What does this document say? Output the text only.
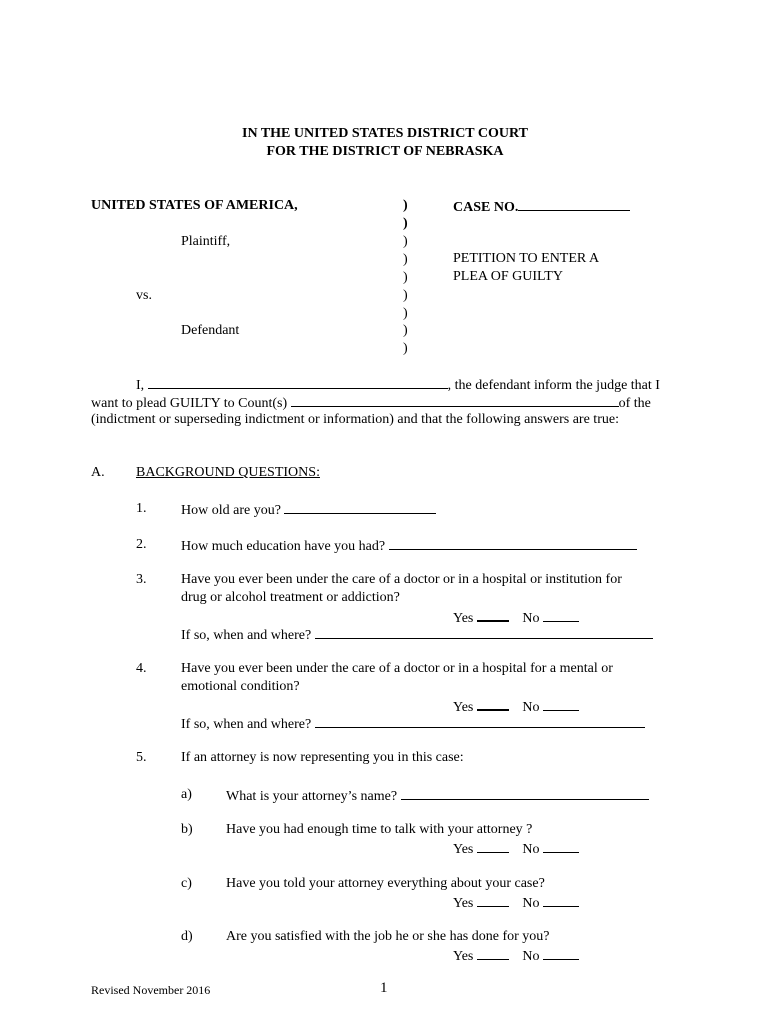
IN THE UNITED STATES DISTRICT COURT
FOR THE DISTRICT OF NEBRASKA
UNITED STATES OF AMERICA,
Plaintiff,
vs.
Defendant
)
)
)
)
)
)
)
)
)
CASE NO.
PETITION TO ENTER A
PLEA OF GUILTY
I,	, the defendant inform the judge that I
want to plead GUILTY to Count(s)	of the
(indictment or superseding indictment or information) and that the following answers are true:
A. BACKGROUND QUESTIONS:
1. How old are you?
2. How much education have you had?
3. Have you ever been under the care of a doctor or in a hospital or institution for
drug or alcohol treatment or addiction?
Yes	No
If so, when and where?
4. Have you ever been under the care of a doctor or in a hospital for a mental or
emotional condition?
Yes	No
If so, when and where?
5. If an attorney is now representing you in this case:
a) What is your attorney’s name?
b) Have you had enough time to talk with your attorney ?
Yes	No
c) Have you told your attorney everything about your case?
Yes	No
d) Are you satisfied with the job he or she has done for you?
Yes	No
Revised November 2016	1
